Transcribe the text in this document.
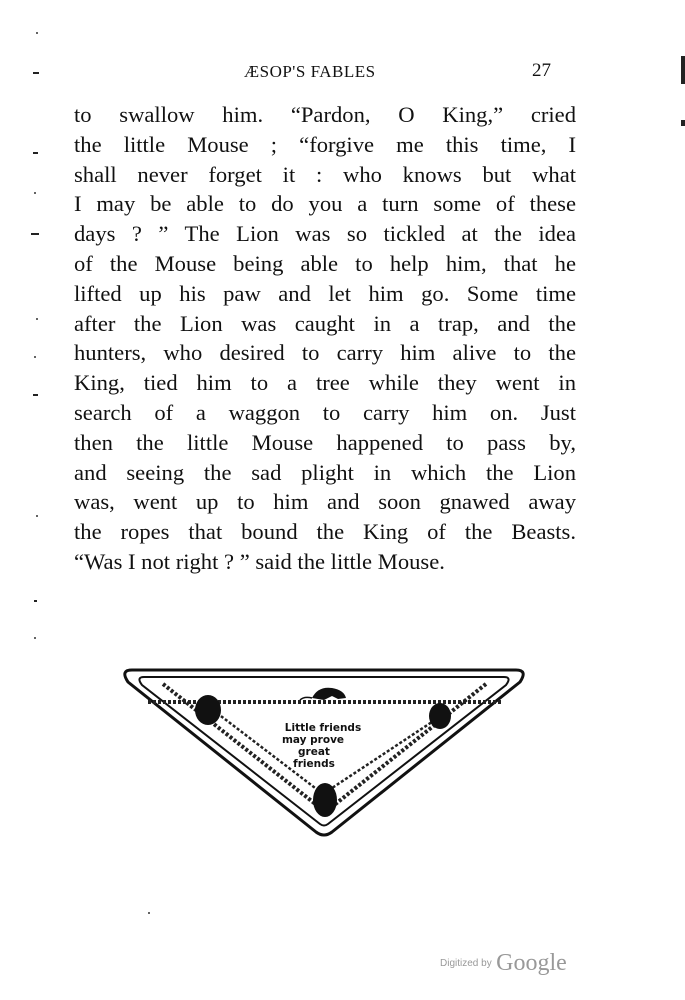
ÆSOP'S FABLES	27
to swallow him. “Pardon, O King,” cried
the little Mouse ; “forgive me this time, I
shall never forget it : who knows but what
I may be able to do you a turn some of these
days ? ” The Lion was so tickled at the idea
of the Mouse being able to help him, that he
lifted up his paw and let him go. Some time
after the Lion was caught in a trap, and the
hunters, who desired to carry him alive to the
King, tied him to a tree while they went in
search of a waggon to carry him on. Just
then the little Mouse happened to pass by,
and seeing the sad plight in which the Lion
was, went up to him and soon gnawed away
the ropes that bound the King of the Beasts.
“Was I not right ? ” said the little Mouse.
Little friends
may prove
great
friends
$^{Digitized by}$ Google
